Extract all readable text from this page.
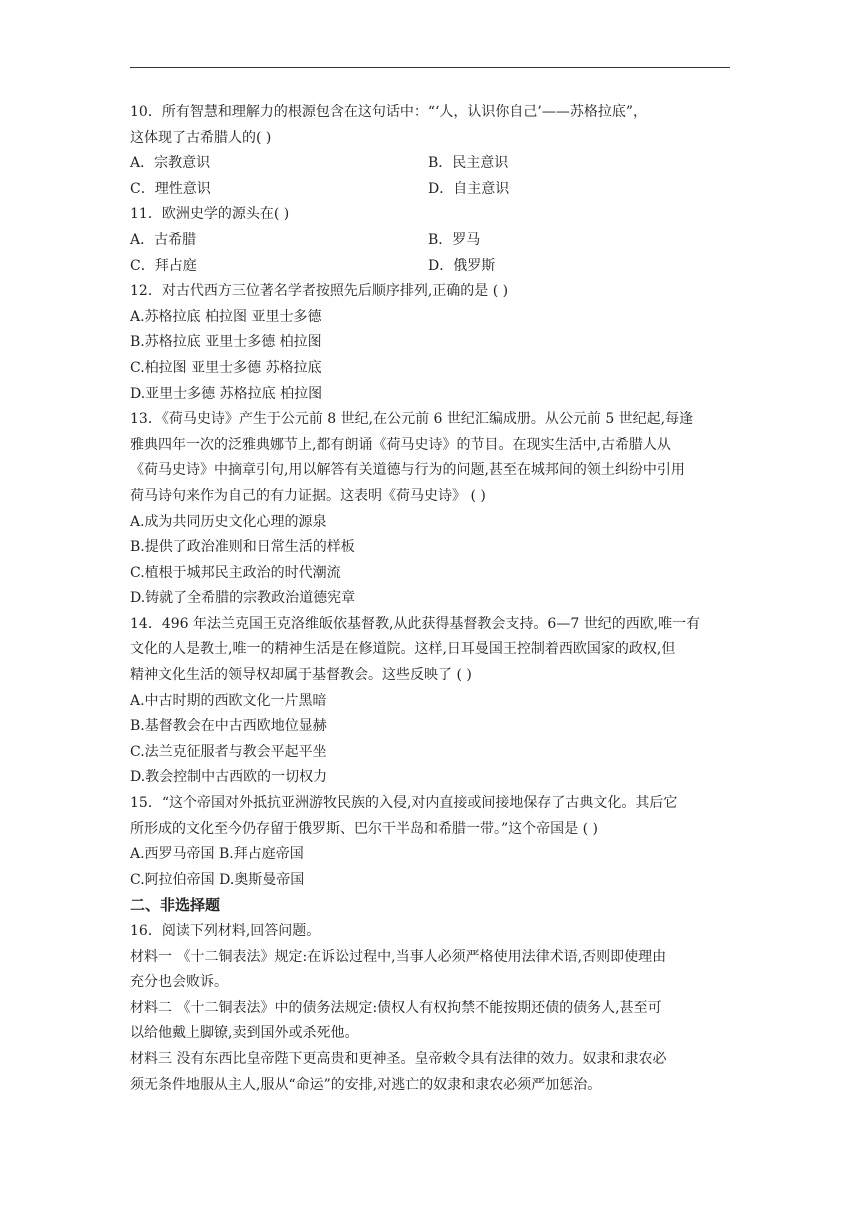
10．所有智慧和理解力的根源包含在这句话中：“‘人，认识你自己’——苏格拉底”，
这体现了古希腊人的( )
A．宗教意识	B．民主意识
C．理性意识	D．自主意识
11．欧洲史学的源头在( )
A．古希腊	B．罗马
C．拜占庭	D．俄罗斯
12．对古代西方三位著名学者按照先后顺序排列,正确的是 ( )
A.苏格拉底 柏拉图 亚里士多德
B.苏格拉底 亚里士多德 柏拉图
C.柏拉图 亚里士多德 苏格拉底
D.亚里士多德 苏格拉底 柏拉图
13．《荷马史诗》产生于公元前 8 世纪,在公元前 6 世纪汇编成册。从公元前 5 世纪起,每逢
雅典四年一次的泛雅典娜节上,都有朗诵《荷马史诗》的节目。在现实生活中,古希腊人从
《荷马史诗》中摘章引句,用以解答有关道德与行为的问题,甚至在城邦间的领土纠纷中引用
荷马诗句来作为自己的有力证据。这表明《荷马史诗》 ( )
A.成为共同历史文化心理的源泉
B.提供了政治准则和日常生活的样板
C.植根于城邦民主政治的时代潮流
D.铸就了全希腊的宗教政治道德宪章
14．496 年法兰克国王克洛维皈依基督教,从此获得基督教会支持。6—7 世纪的西欧,唯一有
文化的人是教士,唯一的精神生活是在修道院。这样,日耳曼国王控制着西欧国家的政权,但
精神文化生活的领导权却属于基督教会。这些反映了 ( )
A.中古时期的西欧文化一片黑暗
B.基督教会在中古西欧地位显赫
C.法兰克征服者与教会平起平坐
D.教会控制中古西欧的一切权力
15．“这个帝国对外抵抗亚洲游牧民族的入侵,对内直接或间接地保存了古典文化。其后它
所形成的文化至今仍存留于俄罗斯、巴尔干半岛和希腊一带。”这个帝国是 ( )
A.西罗马帝国 B.拜占庭帝国
C.阿拉伯帝国 D.奥斯曼帝国
二、非选择题
16．阅读下列材料,回答问题。
材料一 《十二铜表法》规定:在诉讼过程中,当事人必须严格使用法律术语,否则即使理由
充分也会败诉。
材料二 《十二铜表法》中的债务法规定:债权人有权拘禁不能按期还债的债务人,甚至可
以给他戴上脚镣,卖到国外或杀死他。
材料三 没有东西比皇帝陛下更高贵和更神圣。皇帝敕令具有法律的效力。奴隶和隶农必
须无条件地服从主人,服从“命运”的安排,对逃亡的奴隶和隶农必须严加惩治。
